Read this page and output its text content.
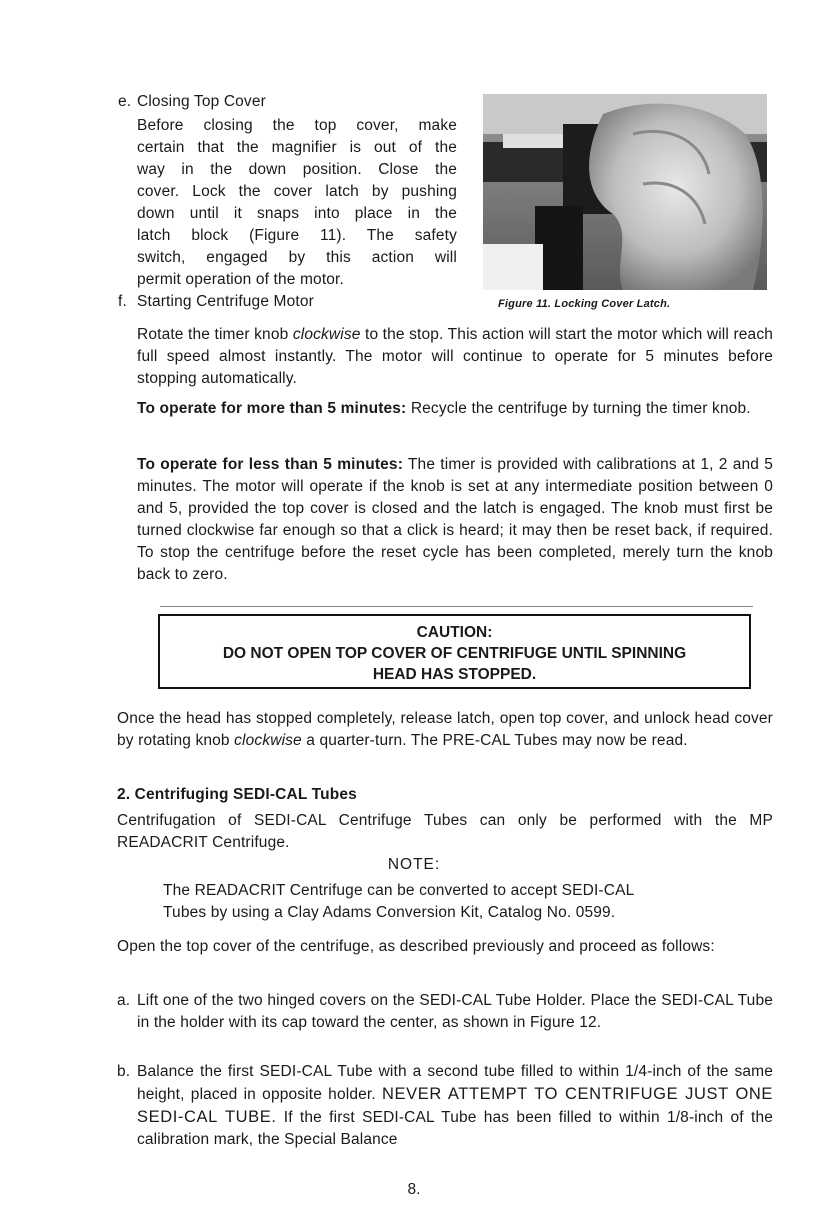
e. Closing Top Cover
Before closing the top cover, make
certain that the magnifier is out of the
way in the down position. Close the
cover. Lock the cover latch by pushing
down until it snaps into place in the
latch block (Figure 11). The safety
switch, engaged by this action will
permit operation of the motor.
Figure 11. Locking Cover Latch.
f. Starting Centrifuge Motor
Rotate the timer knob clockwise to the stop. This action will start the motor which will reach full speed almost instantly. The motor will continue to operate for 5 minutes before stopping automatically.
To operate for more than 5 minutes: Recycle the centrifuge by turning the timer knob.
To operate for less than 5 minutes: The timer is provided with calibrations at 1, 2 and 5 minutes. The motor will operate if the knob is set at any intermediate position between 0 and 5, provided the top cover is closed and the latch is engaged. The knob must first be turned clockwise far enough so that a click is heard; it may then be reset back, if required. To stop the centrifuge before the reset cycle has been completed, merely turn the knob back to zero.
CAUTION:
DO NOT OPEN TOP COVER OF CENTRIFUGE UNTIL SPINNING
HEAD HAS STOPPED.
Once the head has stopped completely, release latch, open top cover, and unlock head cover by rotating knob clockwise a quarter-turn. The PRE-CAL Tubes may now be read.
2. Centrifuging SEDI-CAL Tubes
Centrifugation of SEDI-CAL Centrifuge Tubes can only be performed with the MP READACRIT Centrifuge.
NOTE:
The READACRIT Centrifuge can be converted to accept SEDI-CAL
Tubes by using a Clay Adams Conversion Kit, Catalog No. 0599.
Open the top cover of the centrifuge, as described previously and proceed as follows:
a. Lift one of the two hinged covers on the SEDI-CAL Tube Holder. Place the SEDI-CAL Tube in the holder with its cap toward the center, as shown in Figure 12.
b. Balance the first SEDI-CAL Tube with a second tube filled to within 1/4-inch of the same height, placed in opposite holder. NEVER ATTEMPT TO CENTRIFUGE JUST ONE SEDI-CAL TUBE. If the first SEDI-CAL Tube has been filled to within 1/8-inch of the calibration mark, the Special Balance
8.
